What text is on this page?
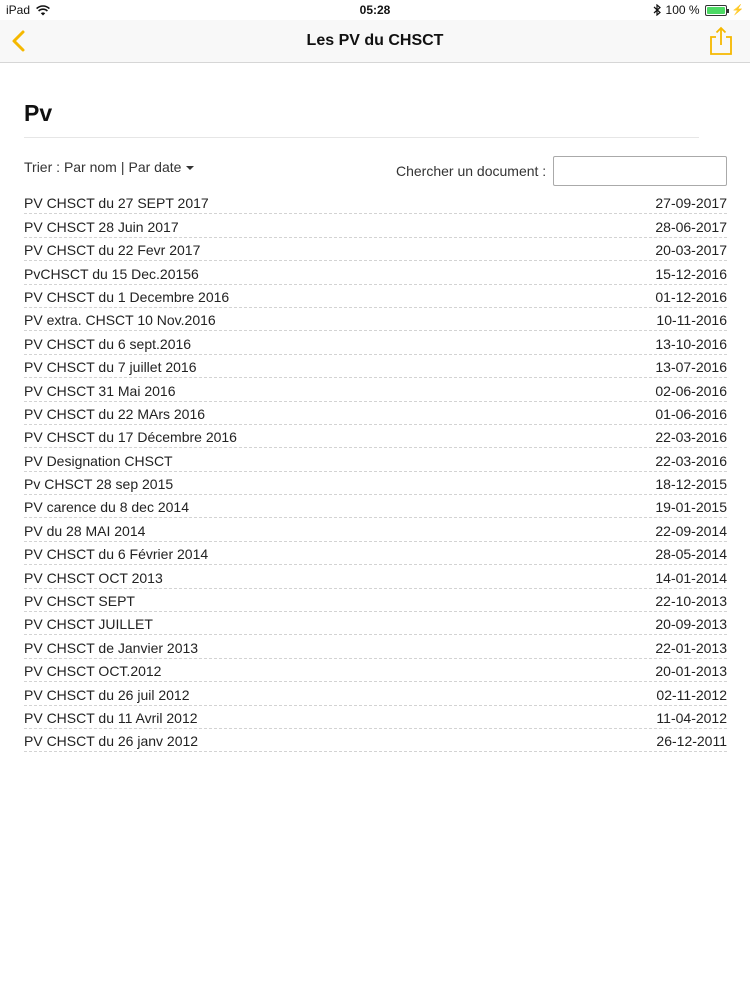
iPad	05:28	100 %	⚡
Les PV du CHSCT
Pv
Trier :
Par nom | Par date	Chercher un document :
PV CHSCT du 27 SEPT 2017	27-09-2017
PV CHSCT 28 Juin 2017	28-06-2017
PV CHSCT du 22 Fevr 2017	20-03-2017
PvCHSCT du 15 Dec.20156	15-12-2016
PV CHSCT du 1 Decembre 2016	01-12-2016
PV extra. CHSCT 10 Nov.2016	10-11-2016
PV CHSCT du 6 sept.2016	13-10-2016
PV CHSCT du 7 juillet 2016	13-07-2016
PV CHSCT 31 Mai 2016	02-06-2016
PV CHSCT du 22 MArs 2016	01-06-2016
PV CHSCT du 17 Décembre 2016	22-03-2016
PV Designation CHSCT	22-03-2016
Pv CHSCT 28 sep 2015	18-12-2015
PV carence du 8 dec 2014	19-01-2015
PV du 28 MAI 2014	22-09-2014
PV CHSCT du 6 Février 2014	28-05-2014
PV CHSCT OCT 2013	14-01-2014
PV CHSCT SEPT	22-10-2013
PV CHSCT JUILLET	20-09-2013
PV CHSCT de Janvier 2013	22-01-2013
PV CHSCT OCT.2012	20-01-2013
PV CHSCT du 26 juil 2012	02-11-2012
PV CHSCT du 11 Avril 2012	11-04-2012
PV CHSCT du 26 janv 2012	26-12-2011
